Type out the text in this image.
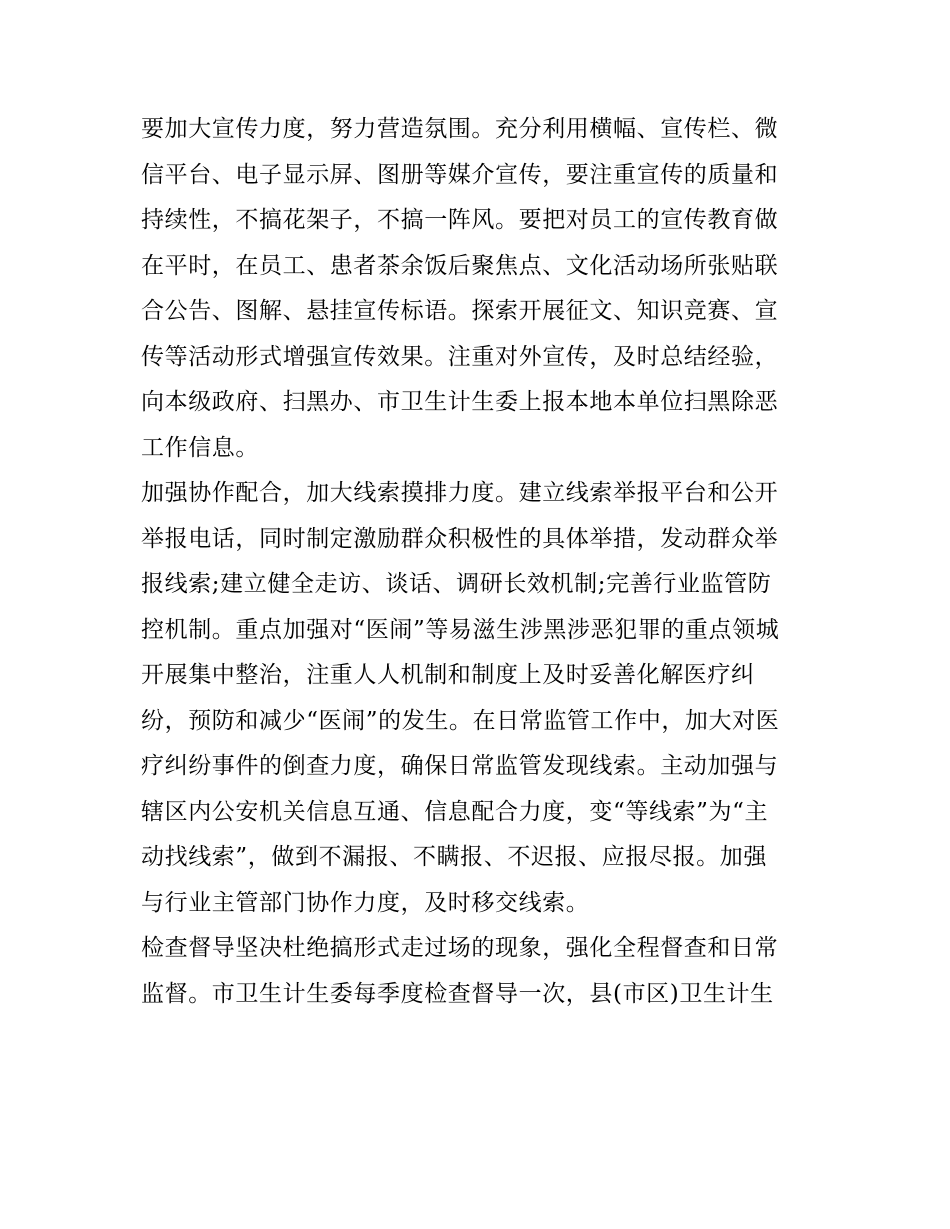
要加大宣传力度，努力营造氛围。充分利用横幅、宣传栏、微
信平台、电子显示屏、图册等媒介宣传，要注重宣传的质量和
持续性，不搞花架子，不搞一阵风。要把对员工的宣传教育做
在平时，在员工、患者茶余饭后聚焦点、文化活动场所张贴联
合公告、图解、悬挂宣传标语。探索开展征文、知识竞赛、宣
传等活动形式增强宣传效果。注重对外宣传，及时总结经验，
向本级政府、扫黑办、市卫生计生委上报本地本单位扫黑除恶
工作信息。
加强协作配合，加大线索摸排力度。建立线索举报平台和公开
举报电话，同时制定激励群众积极性的具体举措，发动群众举
报线索;建立健全走访、谈话、调研长效机制;完善行业监管防
控机制。重点加强对“医闹”等易滋生涉黑涉恶犯罪的重点领城
开展集中整治，注重人人机制和制度上及时妥善化解医疗纠
纷，预防和减少“医闹”的发生。在日常监管工作中，加大对医
疗纠纷事件的倒查力度，确保日常监管发现线索。主动加强与
辖区内公安机关信息互通、信息配合力度，变“等线索”为“主
动找线索”，做到不漏报、不瞒报、不迟报、应报尽报。加强
与行业主管部门协作力度，及时移交线索。
检查督导坚决杜绝搞形式走过场的现象，强化全程督查和日常
监督。市卫生计生委每季度检查督导一次，县(市区)卫生计生
